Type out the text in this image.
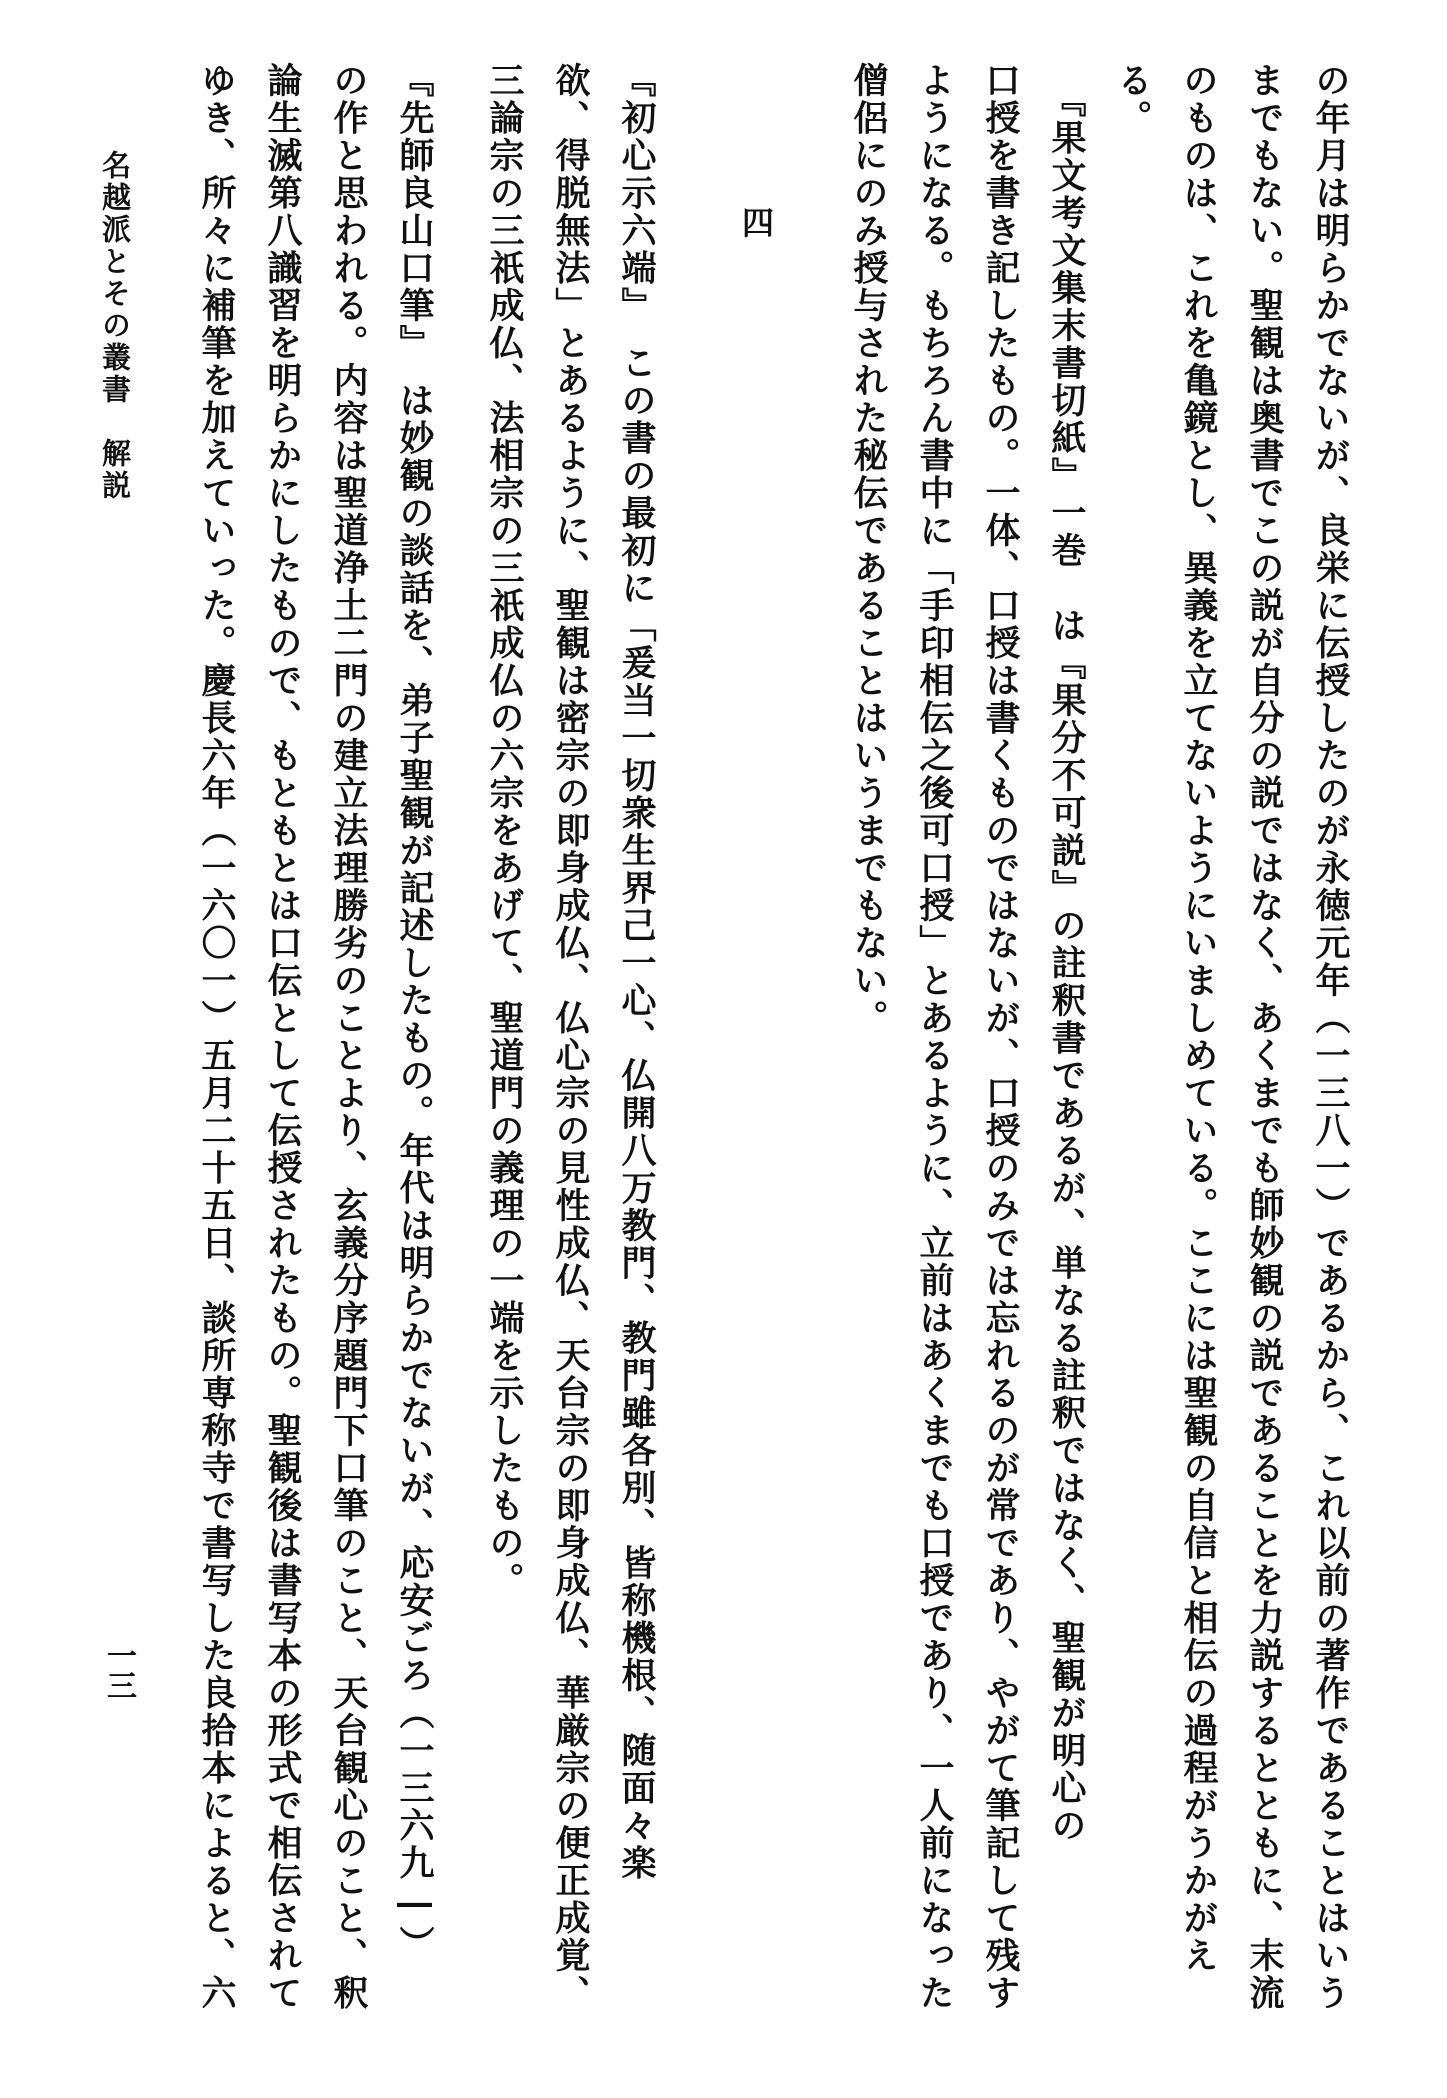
の年月は明らかでないが、良栄に伝授したのが永徳元年（一三八一）であるから、これ以前の著作であることはいう
までもない。聖観は奥書でこの説が自分の説ではなく、あくまでも師妙観の説であることを力説するとともに、末流
のものは、これを亀鏡とし、異義を立てないようにいましめている。ここには聖観の自信と相伝の過程がうかがえ
る。
　『果文考文集末書切紙』一巻　は『果分不可説』の註釈書であるが、単なる註釈ではなく、聖観が明心の
口授を書き記したもの。一体、口授は書くものではないが、口授のみでは忘れるのが常であり、やがて筆記して残す
ようになる。もちろん書中に「手印相伝之後可口授」とあるように、立前はあくまでも口授であり、一人前になった
僧侶にのみ授与された秘伝であることはいうまでもない。
四
『初心示六端』　この書の最初に「爰当一切衆生界己一心、仏開八万教門、教門雖各別、皆称機根、随面々楽
欲、得脱無法」とあるように、聖観は密宗の即身成仏、仏心宗の見性成仏、天台宗の即身成仏、華厳宗の便正成覚、
三論宗の三祇成仏、法相宗の三祇成仏の六宗をあげて、聖道門の義理の一端を示したもの。
『先師良山口筆』　は妙観の談話を、弟子聖観が記述したもの。年代は明らかでないが、応安ごろ（一三六九―）
の作と思われる。内容は聖道浄土二門の建立法理勝劣のことより、玄義分序題門下口筆のこと、天台観心のこと、釈
論生滅第八識習を明らかにしたもので、もともとは口伝として伝授されたもの。聖観後は書写本の形式で相伝されて
ゆき、所々に補筆を加えていった。慶長六年（一六〇一）五月二十五日、談所専称寺で書写した良拾本によると、六
名越派とその叢書　解説
一三
